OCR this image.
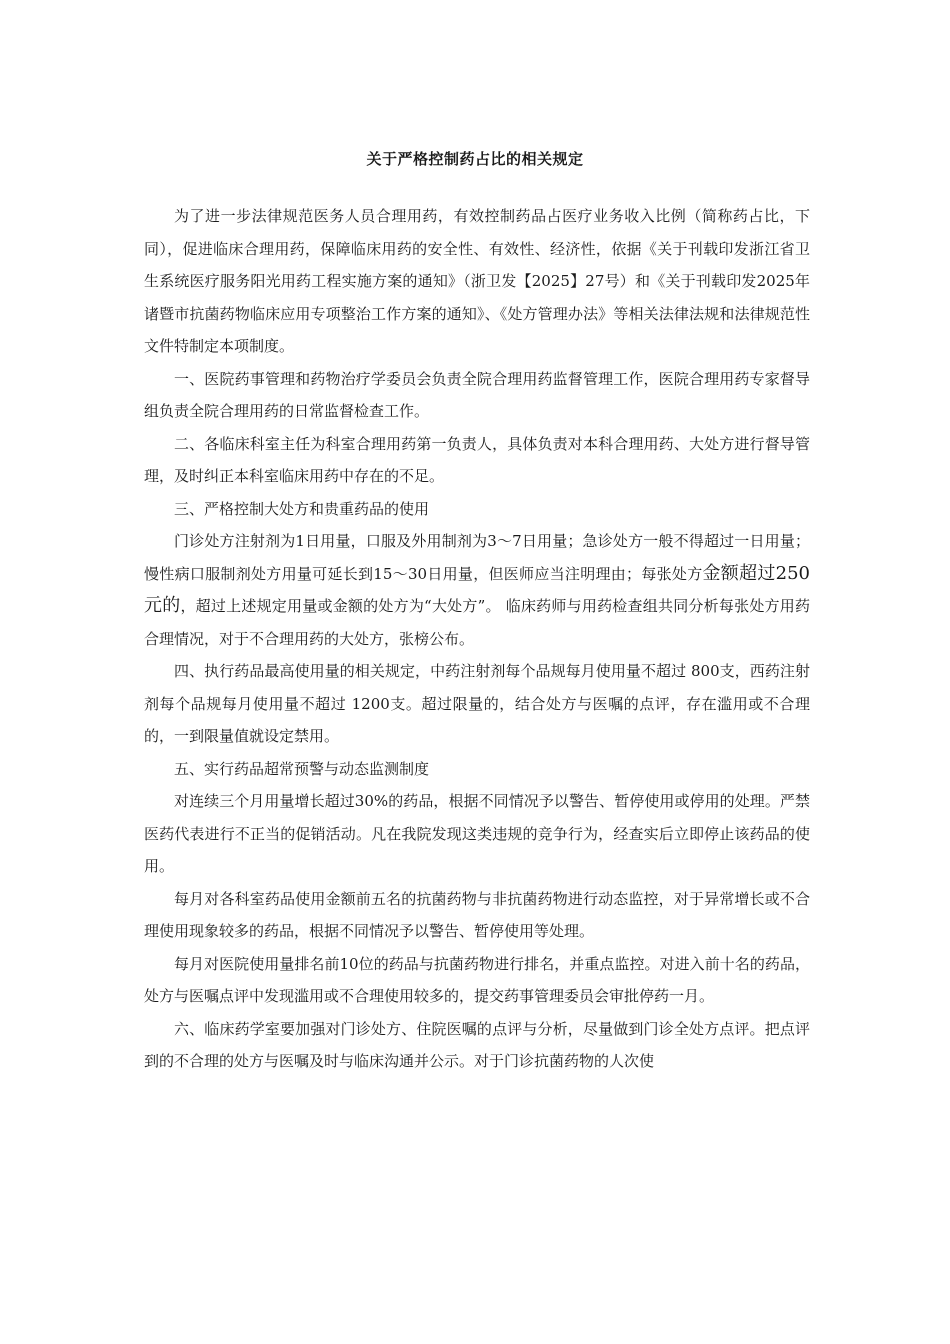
关于严格控制药占比的相关规定

为了进一步法律规范医务人员合理用药，有效控制药品占医疗业务收入比例（简称药占比，下同），促进临床合理用药，保障临床用药的安全性、有效性、经济性，依据《关于刊载印发浙江省卫生系统医疗服务阳光用药工程实施方案的通知》（浙卫发【2025】27号）和《关于刊载印发2025年诸暨市抗菌药物临床应用专项整治工作方案的通知》、《处方管理办法》等相关法律法规和法律规范性文件特制定本项制度。

一、医院药事管理和药物治疗学委员会负责全院合理用药监督管理工作，医院合理用药专家督导组负责全院合理用药的日常监督检查工作。

二、各临床科室主任为科室合理用药第一负责人，具体负责对本科合理用药、大处方进行督导管理，及时纠正本科室临床用药中存在的不足。

三、严格控制大处方和贵重药品的使用

门诊处方注射剂为1日用量，口服及外用制剂为3～7日用量；急诊处方一般不得超过一日用量；慢性病口服制剂处方用量可延长到15～30日用量，但医师应当注明理由；每张处方金额超过250元的，超过上述规定用量或金额的处方为“大处方”。 临床药师与用药检查组共同分析每张处方用药合理情况，对于不合理用药的大处方，张榜公布。

四、执行药品最高使用量的相关规定，中药注射剂每个品规每月使用量不超过 800支，西药注射剂每个品规每月使用量不超过 1200支。超过限量的，结合处方与医嘱的点评，存在滥用或不合理的，一到限量值就设定禁用。

五、实行药品超常预警与动态监测制度

对连续三个月用量增长超过30%的药品，根据不同情况予以警告、暂停使用或停用的处理。严禁医药代表进行不正当的促销活动。凡在我院发现这类违规的竞争行为，经查实后立即停止该药品的使用。

每月对各科室药品使用金额前五名的抗菌药物与非抗菌药物进行动态监控，对于异常增长或不合理使用现象较多的药品，根据不同情况予以警告、暂停使用等处理。

每月对医院使用量排名前10位的药品与抗菌药物进行排名，并重点监控。对进入前十名的药品，处方与医嘱点评中发现滥用或不合理使用较多的，提交药事管理委员会审批停药一月。

六、临床药学室要加强对门诊处方、住院医嘱的点评与分析，尽量做到门诊全处方点评。把点评到的不合理的处方与医嘱及时与临床沟通并公示。对于门诊抗菌药物的人次使
